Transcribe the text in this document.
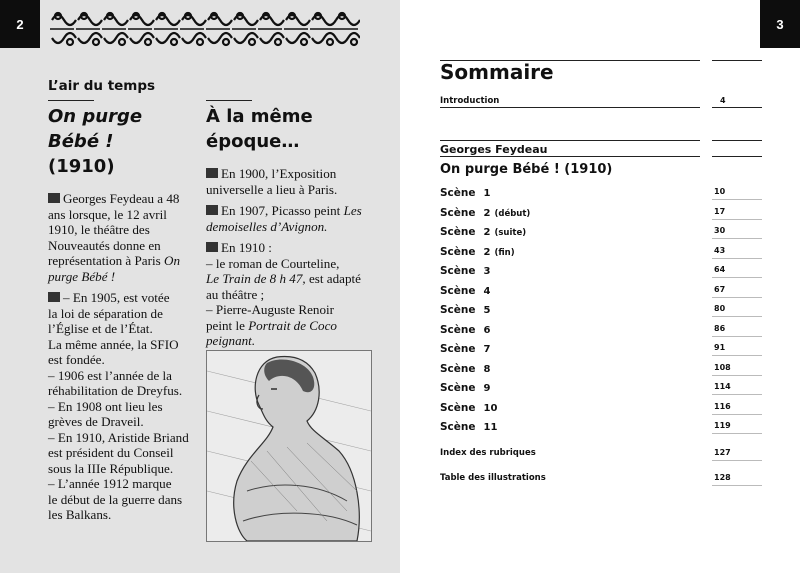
2
L’air du temps
On purge Bébé !
(1910)

Georges Feydeau a 48 ans lorsque, le 12 avril 1910, le théâtre des Nouveautés donne en représentation à Paris On purge Bébé !

– En 1905, est votée
la loi de séparation de
l’Église et de l’État.
La même année, la SFIO
est fondée.
– 1906 est l’année de la
réhabilitation de Dreyfus.
– En 1908 ont lieu les
grèves de Draveil.
– En 1910, Aristide Briand
est président du Conseil
sous la IIIe République.
– L’année 1912 marque
le début de la guerre dans
les Balkans.

À la même
époque…

En 1900, l’Exposition universelle a lieu à Paris.

En 1907, Picasso peint Les demoiselles d’Avignon.

En 1910 :
– le roman de Courteline,
Le Train de 8 h 47, est adapté au théâtre ;
– Pierre-Auguste Renoir
peint le Portrait de Coco peignant.

3
Sommaire
Introduction	4
Georges Feydeau
On purge Bébé ! (1910)
Scène 1	10
Scène 2 (début)	17
Scène 2 (suite)	30
Scène 2 (fin)	43
Scène 3	64
Scène 4	67
Scène 5	80
Scène 6	86
Scène 7	91
Scène 8	108
Scène 9	114
Scène 10	116
Scène 11	119
Index des rubriques	127
Table des illustrations	128
